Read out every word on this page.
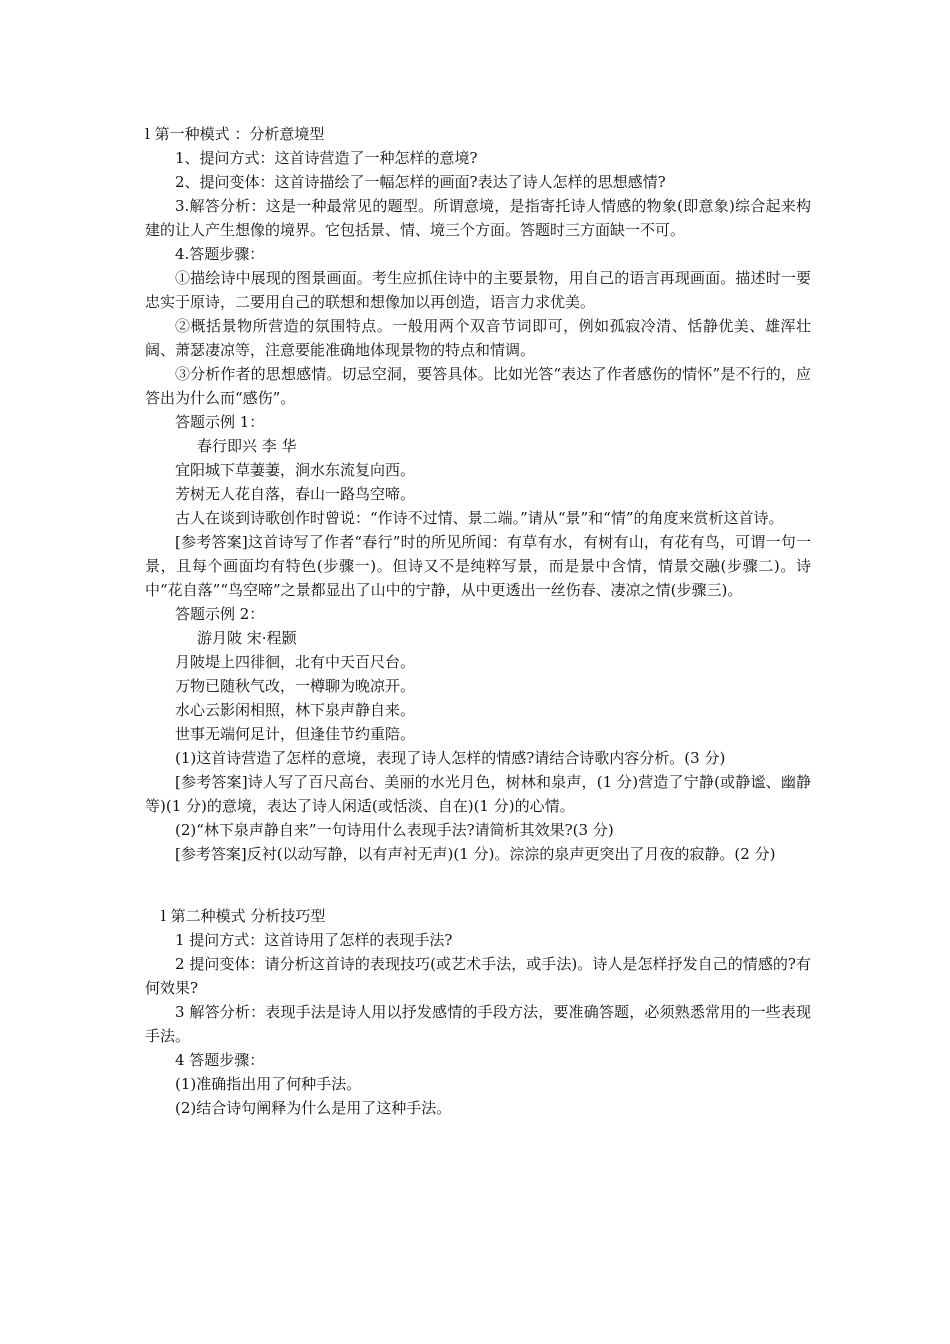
l 第一种模式 ：分析意境型

1、提问方式：这首诗营造了一种怎样的意境?

2、提问变体：这首诗描绘了一幅怎样的画面?表达了诗人怎样的思想感情?

3.解答分析：这是一种最常见的题型。所谓意境，是指寄托诗人情感的物象(即意象)综合起来构建的让人产生想像的境界。它包括景、情、境三个方面。答题时三方面缺一不可。

4.答题步骤：

①描绘诗中展现的图景画面。考生应抓住诗中的主要景物，用自己的语言再现画面。描述时一要忠实于原诗，二要用自己的联想和想像加以再创造，语言力求优美。

②概括景物所营造的氛围特点。一般用两个双音节词即可，例如孤寂冷清、恬静优美、雄浑壮阔、萧瑟凄凉等，注意要能准确地体现景物的特点和情调。

③分析作者的思想感情。切忌空洞，要答具体。比如光答“表达了作者感伤的情怀”是不行的，应答出为什么而“感伤”。

答题示例 1：

春行即兴 李 华

宜阳城下草萋萋，涧水东流复向西。

芳树无人花自落，春山一路鸟空啼。

古人在谈到诗歌创作时曾说：“作诗不过情、景二端。”请从“景”和“情”的角度来赏析这首诗。

[参考答案]这首诗写了作者“春行”时的所见所闻：有草有水，有树有山，有花有鸟，可谓一句一景，且每个画面均有特色(步骤一)。但诗又不是纯粹写景，而是景中含情，情景交融(步骤二)。诗中“花自落”“鸟空啼”之景都显出了山中的宁静，从中更透出一丝伤春、凄凉之情(步骤三)。

答题示例 2：

游月陂 宋·程颢

月陂堤上四徘徊，北有中天百尺台。

万物已随秋气改，一樽聊为晚凉开。

水心云影闲相照，林下泉声静自来。

世事无端何足计，但逢佳节约重陪。

(1)这首诗营造了怎样的意境，表现了诗人怎样的情感?请结合诗歌内容分析。(3 分)

[参考答案]诗人写了百尺高台、美丽的水光月色，树林和泉声，(1 分)营造了宁静(或静谧、幽静等)(1 分)的意境，表达了诗人闲适(或恬淡、自在)(1 分)的心情。

(2)“林下泉声静自来”一句诗用什么表现手法?请简析其效果?(3 分)

[参考答案]反衬(以动写静，以有声衬无声)(1 分)。淙淙的泉声更突出了月夜的寂静。(2 分)

l 第二种模式 分析技巧型

1 提问方式：这首诗用了怎样的表现手法?

2 提问变体：请分析这首诗的表现技巧(或艺术手法，或手法)。诗人是怎样抒发自己的情感的?有何效果?

3 解答分析：表现手法是诗人用以抒发感情的手段方法，要准确答题，必须熟悉常用的一些表现手法。

4 答题步骤：

(1)准确指出用了何种手法。

(2)结合诗句阐释为什么是用了这种手法。
